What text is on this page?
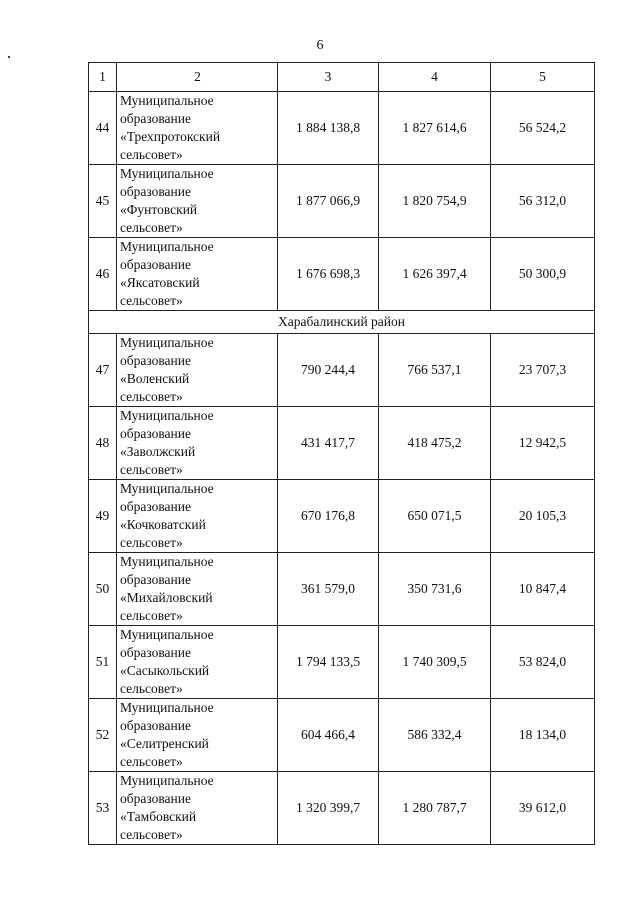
6
1	2	3	4	5
44	Муниципальное
образование
«Трехпротокский
сельсовет»	1 884 138,8	1 827 614,6	56 524,2
45	Муниципальное
образование
«Фунтовский
сельсовет»	1 877 066,9	1 820 754,9	56 312,0
46	Муниципальное
образование
«Яксатовский
сельсовет»	1 676 698,3	1 626 397,4	50 300,9
Харабалинский район				
47	Муниципальное
образование
«Воленский
сельсовет»	790 244,4	766 537,1	23 707,3
48	Муниципальное
образование
«Заволжский
сельсовет»	431 417,7	418 475,2	12 942,5
49	Муниципальное
образование
«Кочковатский
сельсовет»	670 176,8	650 071,5	20 105,3
50	Муниципальное
образование
«Михайловский
сельсовет»	361 579,0	350 731,6	10 847,4
51	Муниципальное
образование
«Сасыкольский
сельсовет»	1 794 133,5	1 740 309,5	53 824,0
52	Муниципальное
образование
«Селитренский
сельсовет»	604 466,4	586 332,4	18 134,0
53	Муниципальное
образование
«Тамбовский
сельсовет»	1 320 399,7	1 280 787,7	39 612,0
